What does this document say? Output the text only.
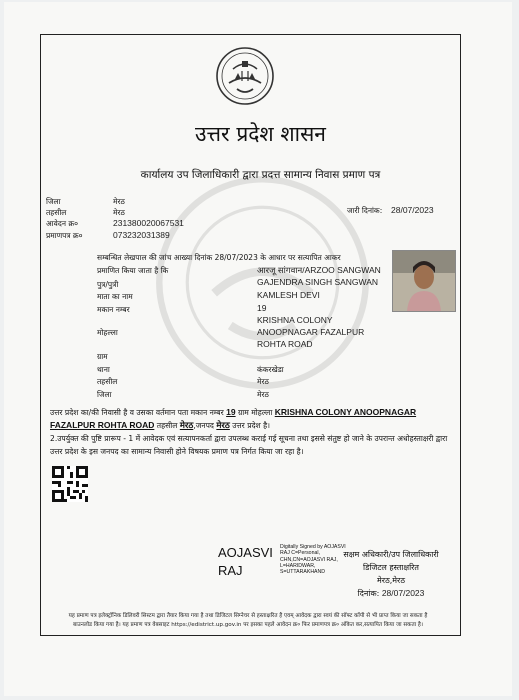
उत्तर प्रदेश शासन
कार्यालय उप जिलाधिकारी द्वारा प्रदत्त सामान्य निवास प्रमाण पत्र
जिला	मेरठ
तहसील	मेरठ
आवेदन क्र०	231380020067531
प्रमाणपत्र क्र०	073232031389
जारी दिनांक: 28/07/2023
सम्बन्धित लेखपाल की जांच आख्या दिनांक 28/07/2023 के आधार पर सत्यापित आकर
प्रमाणित किया जाता है कि	आरजू सांगवान/ARZOO SANGWAN
पुत्र/पुत्री	GAJENDRA SINGH SANGWAN
माता का नाम	KAMLESH DEVI
मकान नम्बर	19
KRISHNA COLONY
मोहल्ला	ANOOPNAGAR FAZALPUR
ROHTA ROAD
ग्राम
थाना	कंकरखेडा
तहसील	मेरठ
जिला	मेरठ
उत्तर प्रदेश का/की निवासी है व उसका वर्तमान पता मकान नम्बर 19 ग्राम मोहल्ला KRISHNA COLONY ANOOPNAGAR FAZALPUR ROHTA ROAD तहसील मेरठ,जनपद मेरठ उत्तर प्रदेश है।
2.उपर्युक्त की पुष्टि प्रारूप - 1 में आवेदक एवं सत्यापनकर्ता द्वारा उपलब्ध कराई गई सूचना तथा इससे संतुष्ट हो जाने के उपरान्त अधोहस्ताक्षरी द्वारा उत्तर प्रदेश के इस जनपद का सामान्य निवासी होने विषयक प्रमाण पत्र निर्गत किया जा रहा है।
AOJASVI RAJ
Digitally Signed by AOJASVI RAJ C=Personal, CHN,CN=AOJASVI RAJ, L=HARIDWAR, S=UTTARAKHAND
सक्षम अधिकारी/उप जिलाधिकारी
डिजिटल हस्ताक्षरित
मेरठ,मेरठ
दिनांक: 28/07/2023
यह प्रमाण पत्र इलेक्ट्रॉनिक डिलिवरी सिस्टम द्वारा तैयार किया गया है तथा डिजिटल सिग्नेचर से हस्ताक्षरित है एवम् आवेदक द्वारा स्वयं की सॉफ्ट कॉपी से भी प्राप्त किया जा सकता है
बाउनलोड किया गया है। यह प्रमाण पत्र वेबसाइट https://edistrict.up.gov.in पर इसका पहले आवेदन क्र० फिर प्रमाणपत्र क्र० अंकित कर,सत्यापित किया जा सकता है।
